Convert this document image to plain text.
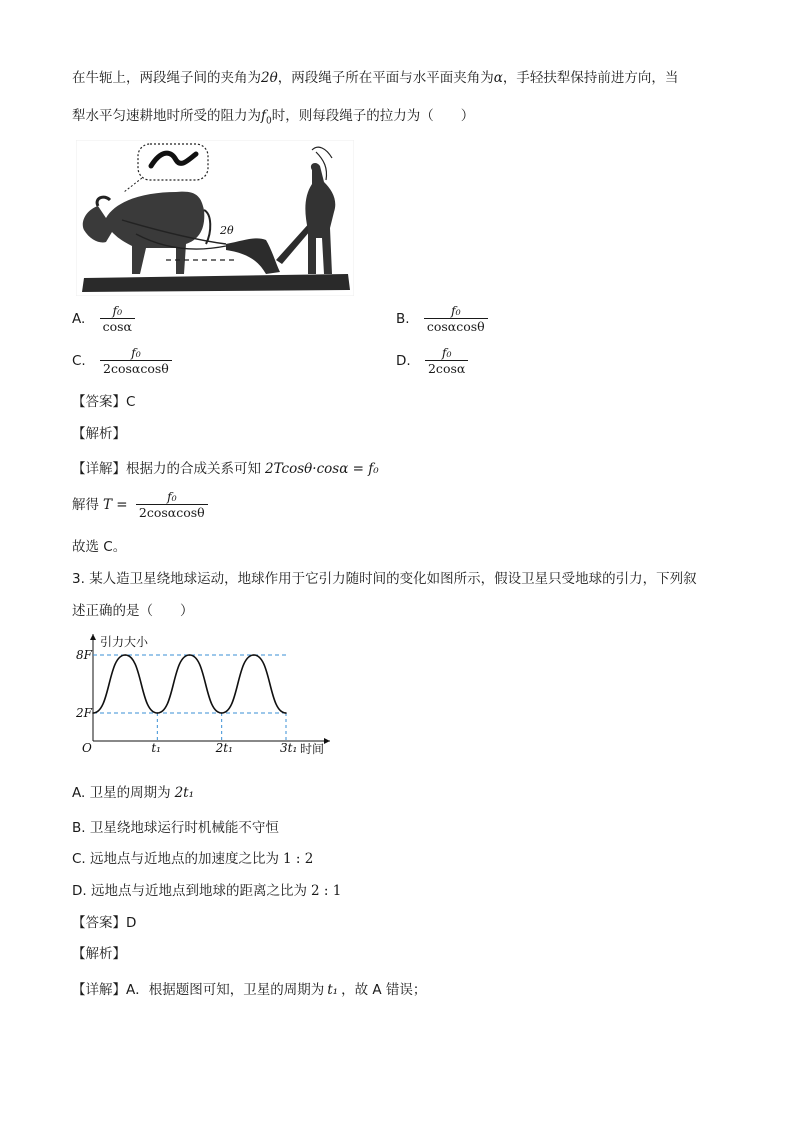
在牛轭上，两段绳子间的夹角为2θ，两段绳子所在平面与水平面夹角为α，手轻扶犁保持前进方向，当
犁水平匀速耕地时所受的阻力为$f_0$时，则每段绳子的拉力为（　　）
2θ
A. $\frac{\text{f₀}}{\cos\alpha}$	B. $\frac{\text{f₀}}{\cos\alpha\cos\theta}$
C. $\frac{\text{f₀}}{2\cos\alpha\cos\theta}$	D. $\frac{\text{f₀}}{2\cos\alpha}$
【答案】C
【解析】
【详解】根据力的合成关系可知 2Tcosθ·cosα = f₀
解得 $T = \frac{\text{f₀}}{2\cos\alpha\cos\theta}$
故选 C。
3. 某人造卫星绕地球运动，地球作用于它引力随时间的变化如图所示，假设卫星只受地球的引力，下列叙
述正确的是（　　）
引力大小
时间
O
2F
8F
t₁	2t₁	3t₁
A. 卫星的周期为 2t₁
B. 卫星绕地球运行时机械能不守恒
C. 远地点与近地点的加速度之比为 1 : 2
D. 远地点与近地点到地球的距离之比为 2 : 1
【答案】D
【解析】
【详解】A．根据题图可知，卫星的周期为 t₁ ，故 A 错误；
